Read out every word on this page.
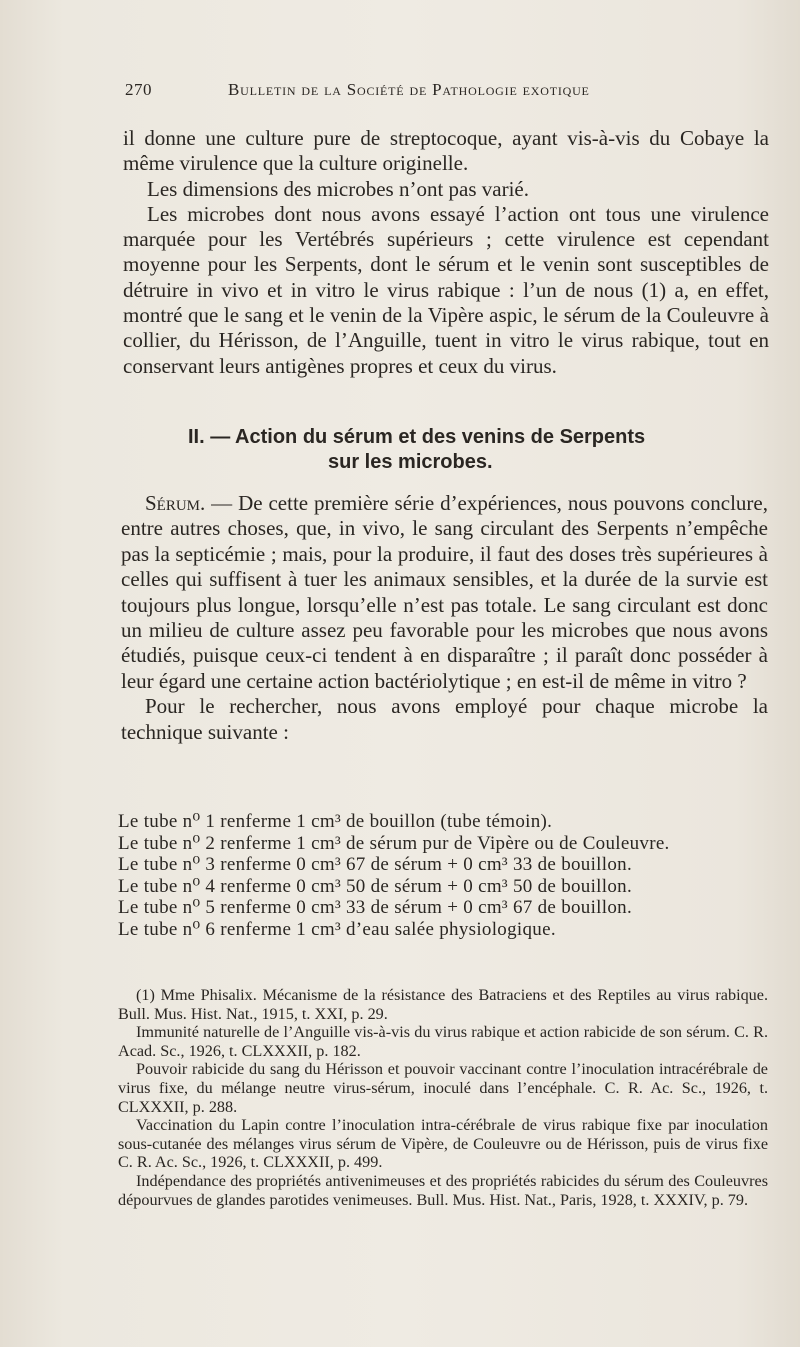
270	Bulletin de la Société de Pathologie exotique

il donne une culture pure de streptocoque, ayant vis-à-vis du Cobaye la même virulence que la culture originelle.

Les dimensions des microbes n’ont pas varié.

Les microbes dont nous avons essayé l’action ont tous une virulence marquée pour les Vertébrés supérieurs ; cette virulence est cependant moyenne pour les Serpents, dont le sérum et le venin sont susceptibles de détruire in vivo et in vitro le virus rabique : l’un de nous (1) a, en effet, montré que le sang et le venin de la Vipère aspic, le sérum de la Couleuvre à collier, du Hérisson, de l’Anguille, tuent in vitro le virus rabique, tout en conservant leurs antigènes propres et ceux du virus.

II. — Action du sérum et des venins de Serpents
sur les microbes.

Sérum. — De cette première série d’expériences, nous pouvons conclure, entre autres choses, que, in vivo, le sang circulant des Serpents n’empêche pas la septicémie ; mais, pour la produire, il faut des doses très supérieures à celles qui suffisent à tuer les animaux sensibles, et la durée de la survie est toujours plus longue, lorsqu’elle n’est pas totale. Le sang circulant est donc un milieu de culture assez peu favorable pour les microbes que nous avons étudiés, puisque ceux-ci tendent à en disparaître ; il paraît donc posséder à leur égard une certaine action bactériolytique ; en est-il de même in vitro ?

Pour le rechercher, nous avons employé pour chaque microbe la technique suivante :

Le tube n⁰ 1 renferme 1 cm³ de bouillon (tube témoin).
Le tube n⁰ 2 renferme 1 cm³ de sérum pur de Vipère ou de Couleuvre.
Le tube n⁰ 3 renferme 0 cm³ 67 de sérum + 0 cm³ 33 de bouillon.
Le tube n⁰ 4 renferme 0 cm³ 50 de sérum + 0 cm³ 50 de bouillon.
Le tube n⁰ 5 renferme 0 cm³ 33 de sérum + 0 cm³ 67 de bouillon.
Le tube n⁰ 6 renferme 1 cm³ d’eau salée physiologique.

(1) Mme Phisalix. Mécanisme de la résistance des Batraciens et des Reptiles au virus rabique. Bull. Mus. Hist. Nat., 1915, t. XXI, p. 29.

Immunité naturelle de l’Anguille vis-à-vis du virus rabique et action rabicide de son sérum. C. R. Acad. Sc., 1926, t. CLXXXII, p. 182.

Pouvoir rabicide du sang du Hérisson et pouvoir vaccinant contre l’inoculation intracérébrale de virus fixe, du mélange neutre virus-sérum, inoculé dans l’encéphale. C. R. Ac. Sc., 1926, t. CLXXXII, p. 288.

Vaccination du Lapin contre l’inoculation intra-cérébrale de virus rabique fixe par inoculation sous-cutanée des mélanges virus sérum de Vipère, de Couleuvre ou de Hérisson, puis de virus fixe C. R. Ac. Sc., 1926, t. CLXXXII, p. 499.

Indépendance des propriétés antivenimeuses et des propriétés rabicides du sérum des Couleuvres dépourvues de glandes parotides venimeuses. Bull. Mus. Hist. Nat., Paris, 1928, t. XXXIV, p. 79.
